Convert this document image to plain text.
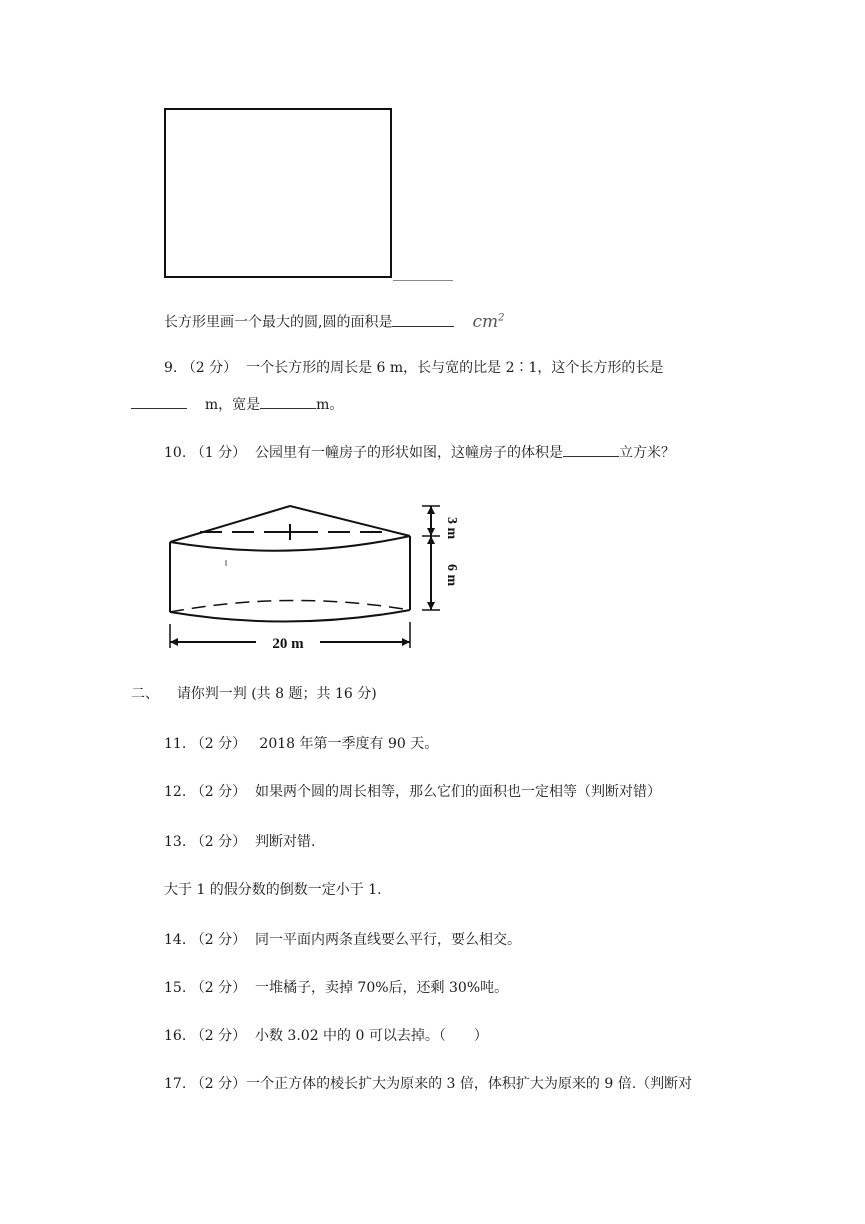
长方形里画一个最大的圆,圆的面积是	$cm^2$
9. （2 分） 一个长方形的周长是 6 m，长与宽的比是 2∶1，这个长方形的长是
m，宽是	m。
10. （1 分） 公园里有一幢房子的形状如图，这幢房子的体积是	立方米？
3 m
6 m
20 m
二、 请你判一判 (共 8 题；共 16 分)
11. （2 分）   2018 年第一季度有 90 天。
12. （2 分） 如果两个圆的周长相等，那么它们的面积也一定相等（判断对错）
13. （2 分） 判断对错.
大于 1 的假分数的倒数一定小于 1.
14. （2 分） 同一平面内两条直线要么平行，要么相交。
15. （2 分） 一堆橘子，卖掉 70%后，还剩 30%吨。
16. （2 分） 小数 3.02 中的 0 可以去掉。（　　）
17. （2 分）一个正方体的棱长扩大为原来的 3 倍，体积扩大为原来的 9 倍.（判断对
